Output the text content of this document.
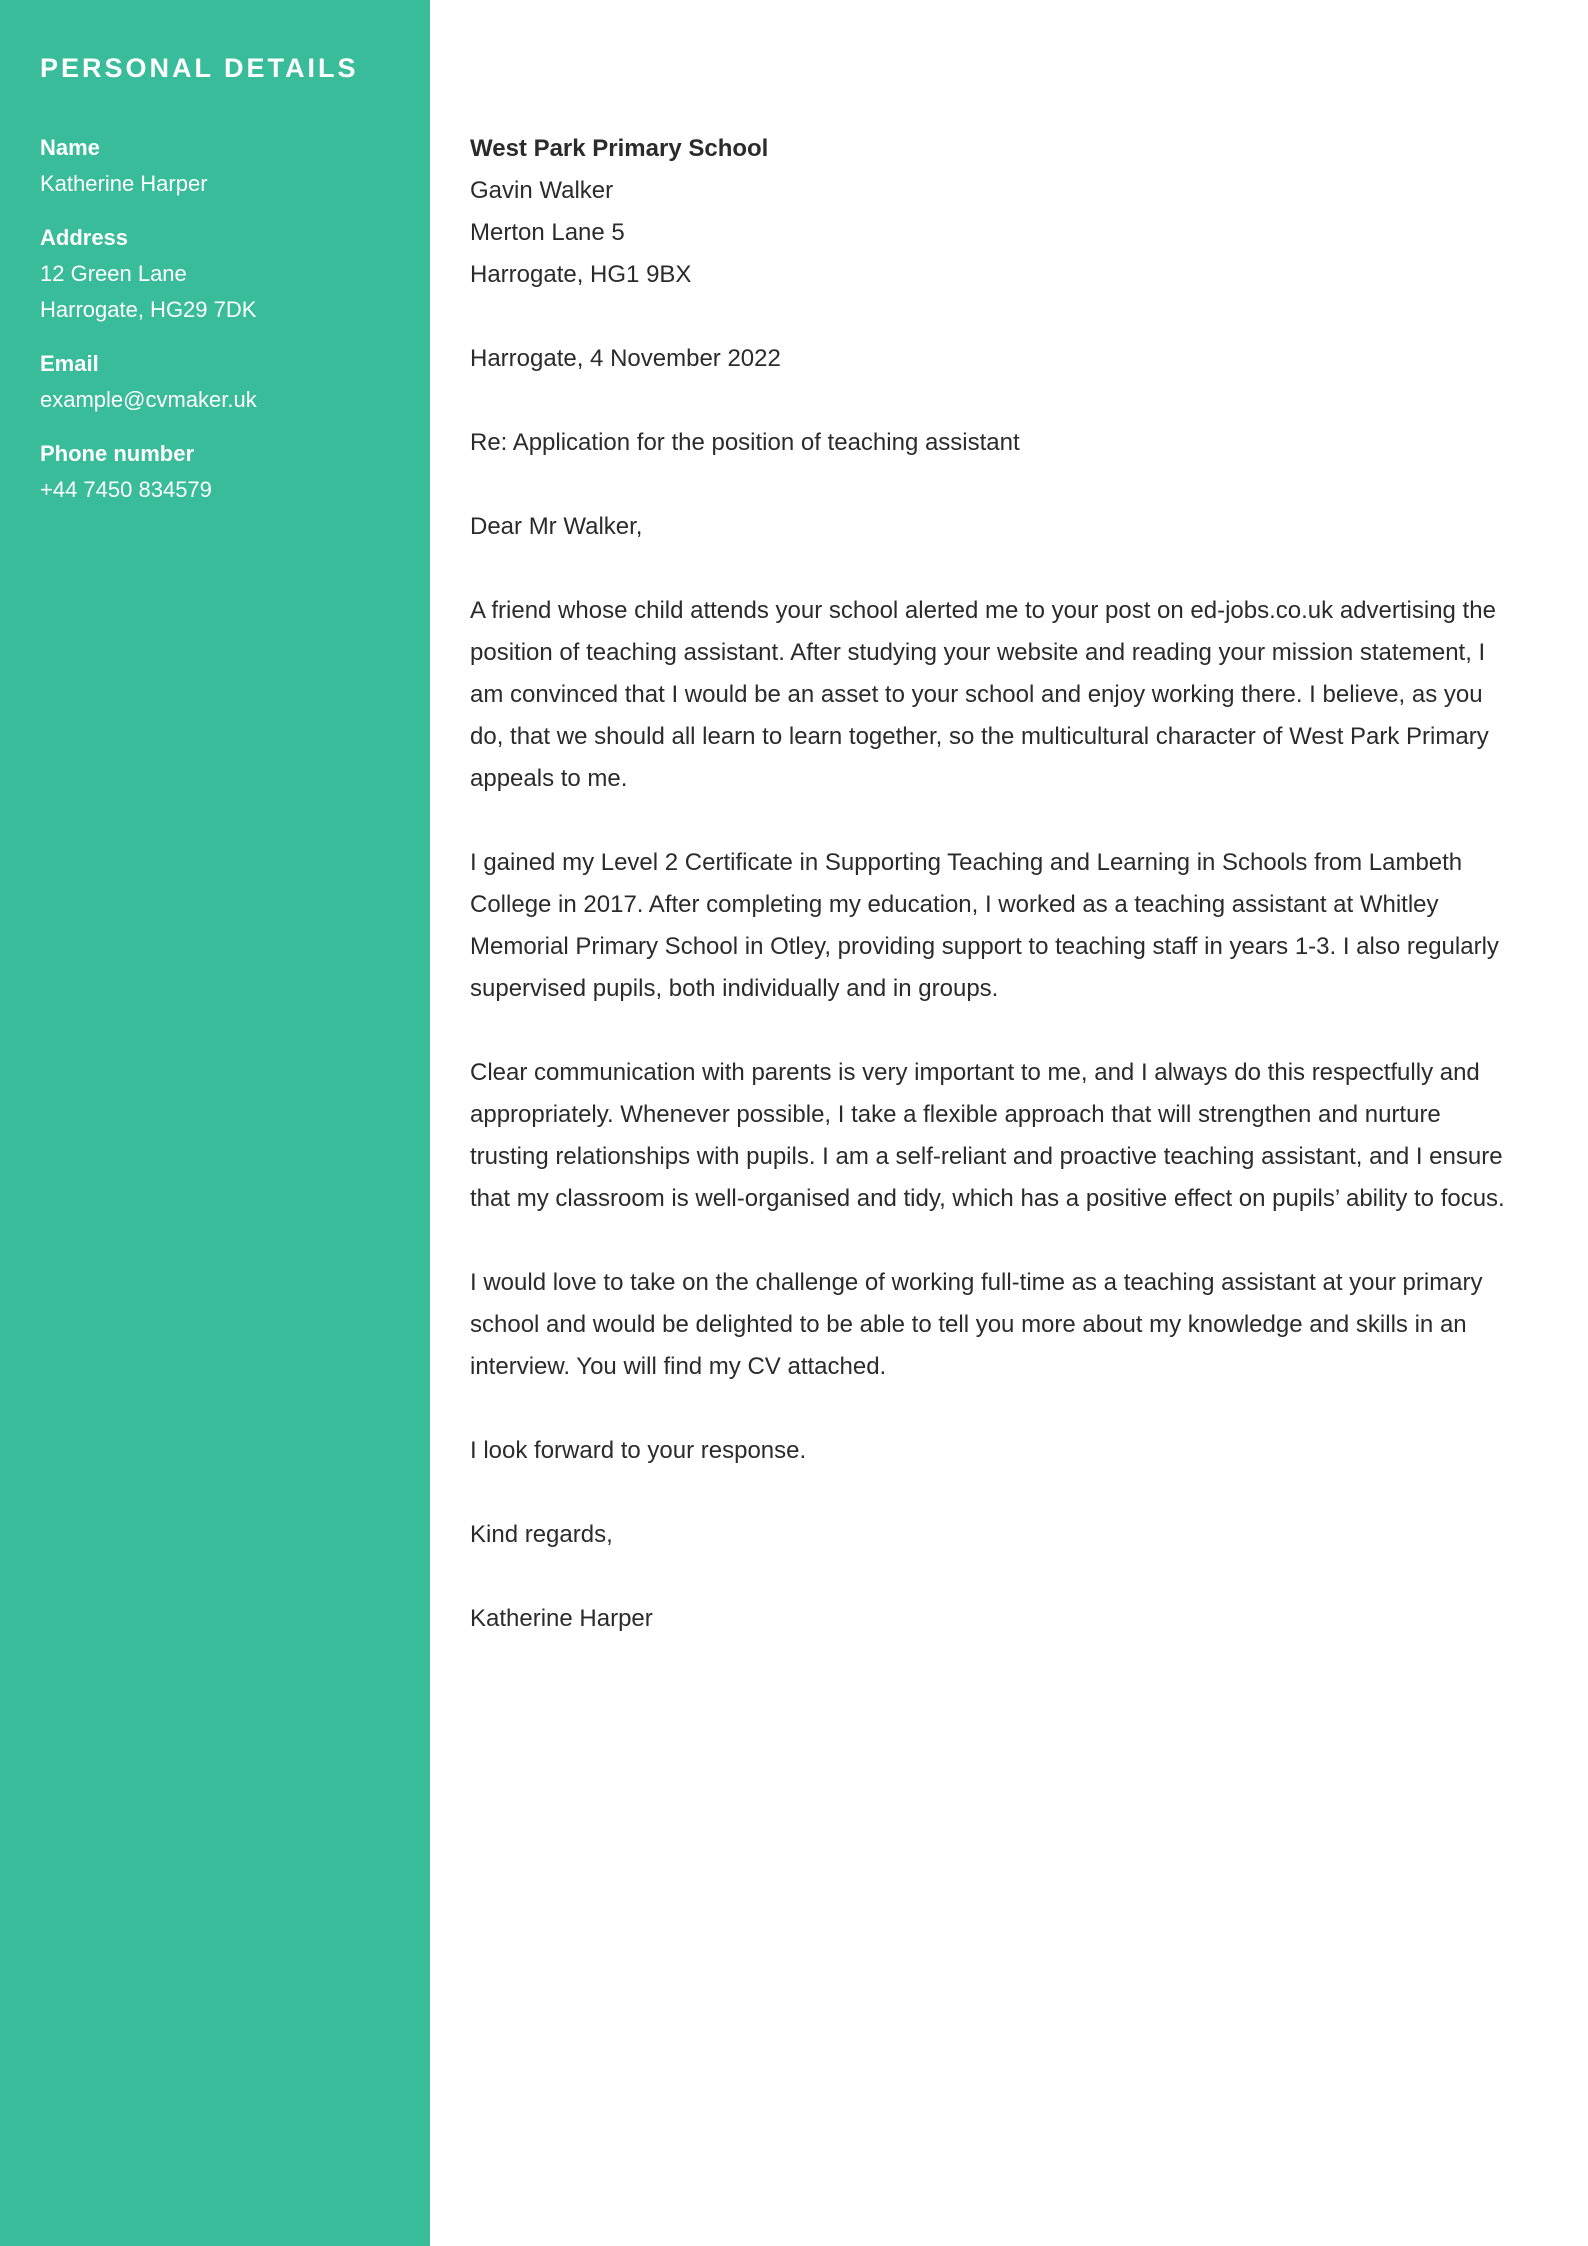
PERSONAL DETAILS
Name
Katherine Harper
Address
12 Green Lane
Harrogate, HG29 7DK
Email
example@cvmaker.uk
Phone number
+44 7450 834579
West Park Primary School
Gavin Walker
Merton Lane 5
Harrogate, HG1 9BX

Harrogate, 4 November 2022

Re: Application for the position of teaching assistant

Dear Mr Walker,

A friend whose child attends your school alerted me to your post on ed-jobs.co.uk advertising the position of teaching assistant. After studying your website and reading your mission statement, I am convinced that I would be an asset to your school and enjoy working there. I believe, as you do, that we should all learn to learn together, so the multicultural character of West Park Primary appeals to me.

I gained my Level 2 Certificate in Supporting Teaching and Learning in Schools from Lambeth College in 2017. After completing my education, I worked as a teaching assistant at Whitley Memorial Primary School in Otley, providing support to teaching staff in years 1-3. I also regularly supervised pupils, both individually and in groups.

Clear communication with parents is very important to me, and I always do this respectfully and appropriately. Whenever possible, I take a flexible approach that will strengthen and nurture trusting relationships with pupils. I am a self-reliant and proactive teaching assistant, and I ensure that my classroom is well-organised and tidy, which has a positive effect on pupils’ ability to focus.

I would love to take on the challenge of working full-time as a teaching assistant at your primary school and would be delighted to be able to tell you more about my knowledge and skills in an interview. You will find my CV attached.

I look forward to your response.

Kind regards,

Katherine Harper
